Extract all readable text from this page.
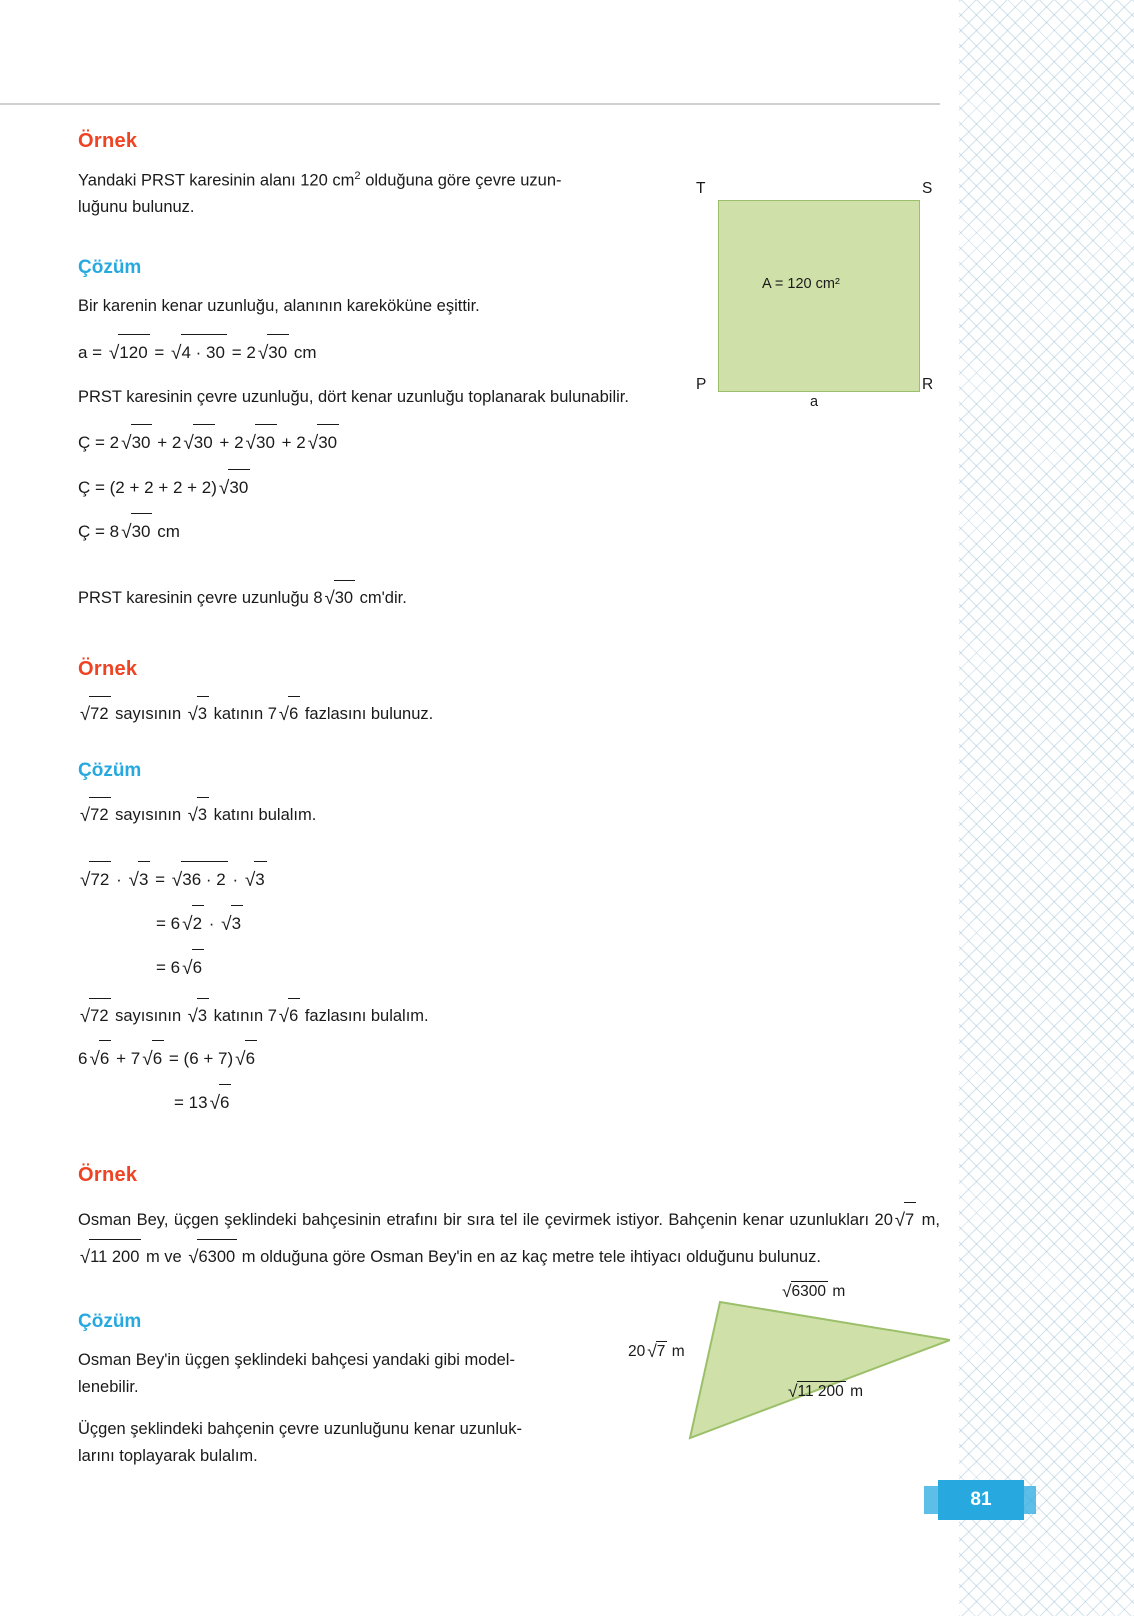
Örnek

Yandaki PRST karesinin alanı 120 $cm^2$ olduğuna göre çevre uzun-
luğunu bulunuz.

Çözüm

Bir karenin kenar uzunluğu, alanının kareköküne eşittir.

a = √120 = √4 · 30 = 2 √30 cm

PRST karesinin çevre uzunluğu, dört kenar uzunluğu toplanarak bulunabilir.

Ç = 2 √30 + 2 √30 + 2 √30 + 2 √30
Ç = (2 + 2 + 2 + 2) √30
Ç = 8 √30 cm
PRST karesinin çevre uzunluğu 8 √30 cm'dir.
Örnek
√72 sayısının √3 katının 7 √6 fazlasını bulunuz.
Çözüm
√72 sayısının √3 katını bulalım.
√72 · √3 = √36 · 2 · √3
= 6 √2 · √3
= 6 √6
√72 sayısının √3 katının 7 √6 fazlasını bulalım.
6 √6 + 7 √6 = (6 + 7) √6
= 13 √6
Örnek

Osman Bey, üçgen şeklindeki bahçesinin etrafını bir sıra tel ile çevirmek istiyor. Bahçenin kenar uzunlukları 20 √7 m, √11 200 m ve √6300 m olduğuna göre Osman Bey'in en az kaç metre tele ihtiyacı olduğunu bulunuz.

Çözüm

Osman Bey'in üçgen şeklindeki bahçesi yandaki gibi model-
lenebilir.

Üçgen şeklindeki bahçenin çevre uzunluğunu kenar uzunluk-
larını toplayarak bulalım.

T	S
P	R
A = 120 cm²
a
√6300 m
20 √7 m
√11 200 m
81
